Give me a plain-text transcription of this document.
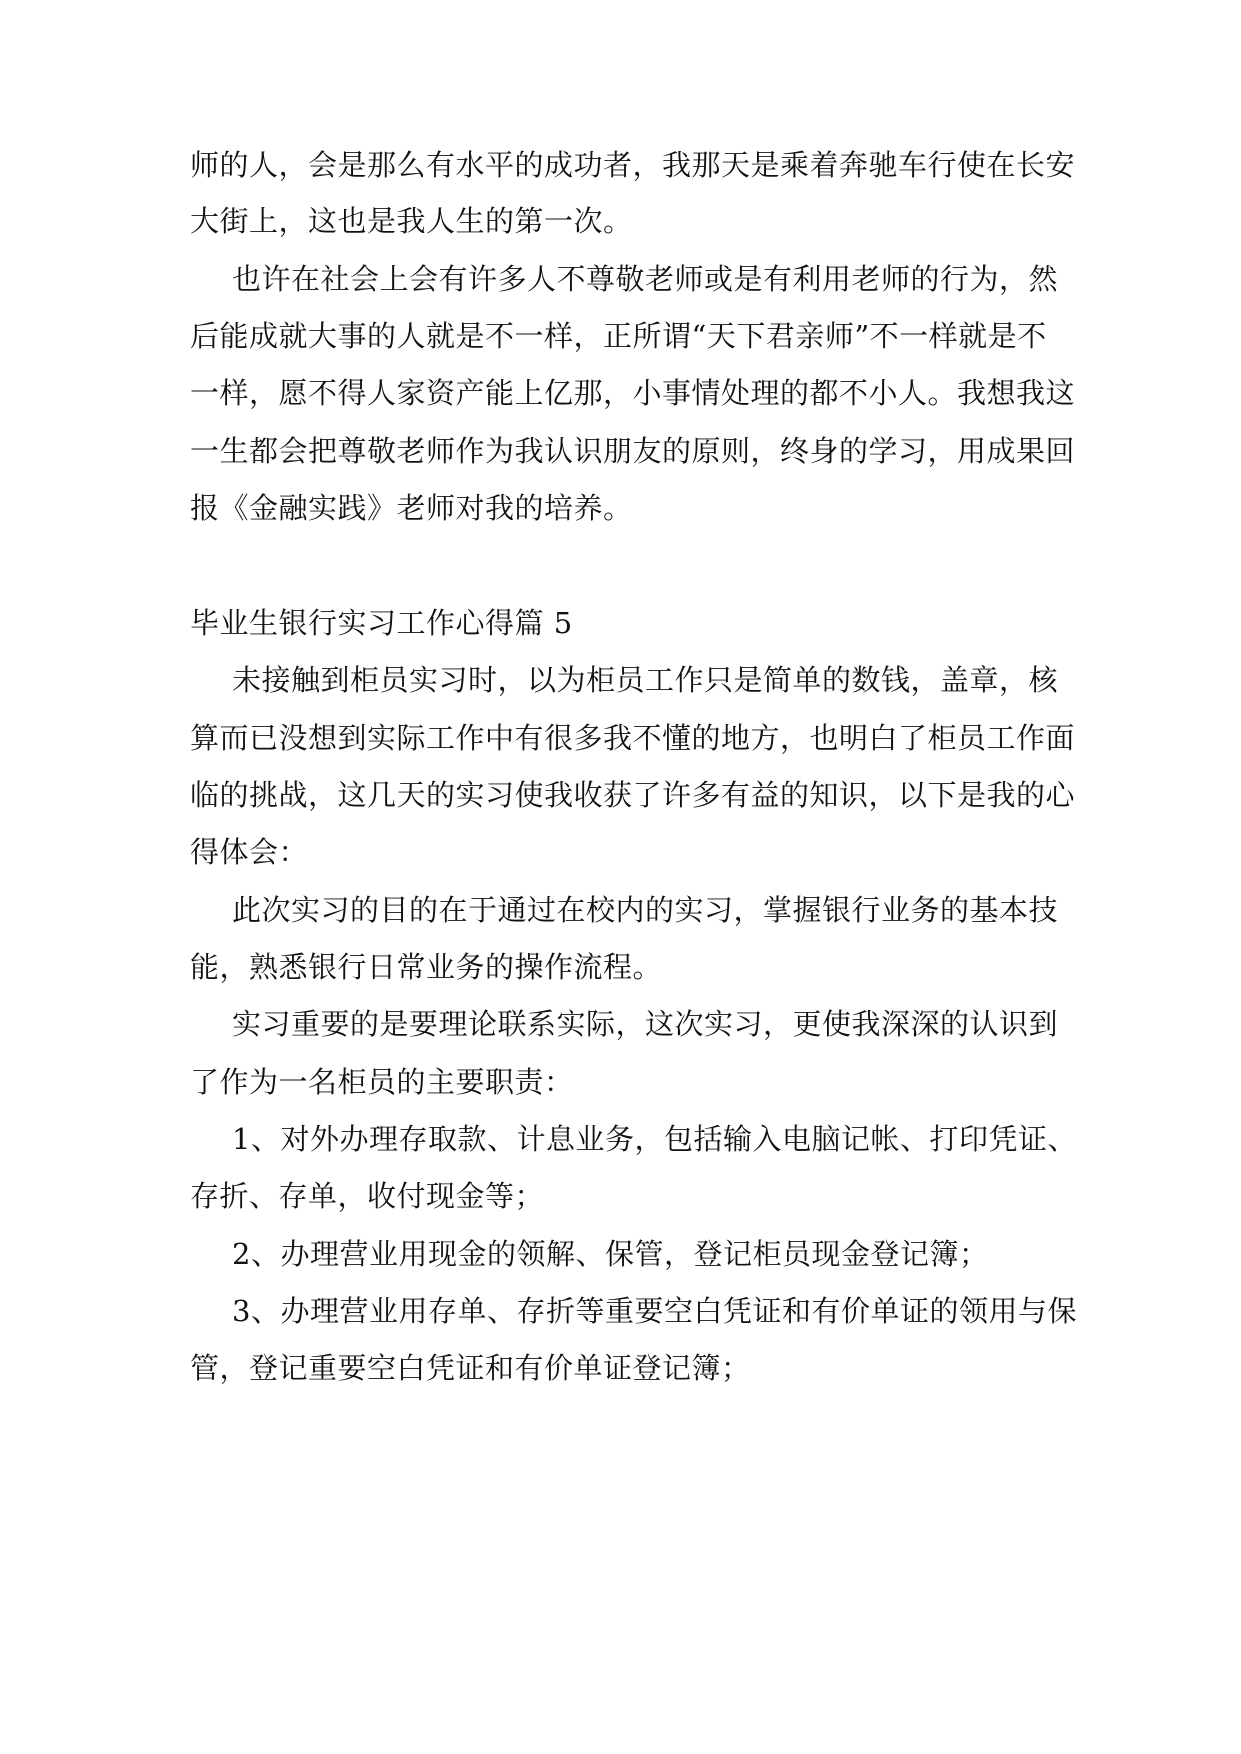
师的人，会是那么有水平的成功者，我那天是乘着奔驰车行使在长安
大街上，这也是我人生的第一次。
也许在社会上会有许多人不尊敬老师或是有利用老师的行为，然
后能成就大事的人就是不一样，正所谓“天下君亲师”不一样就是不
一样，愿不得人家资产能上亿那，小事情处理的都不小人。我想我这
一生都会把尊敬老师作为我认识朋友的原则，终身的学习，用成果回
报《金融实践》老师对我的培养。
毕业生银行实习工作心得篇 5
未接触到柜员实习时，以为柜员工作只是简单的数钱，盖章，核
算而已没想到实际工作中有很多我不懂的地方，也明白了柜员工作面
临的挑战，这几天的实习使我收获了许多有益的知识，以下是我的心
得体会：
此次实习的目的在于通过在校内的实习，掌握银行业务的基本技
能，熟悉银行日常业务的操作流程。
实习重要的是要理论联系实际，这次实习，更使我深深的认识到
了作为一名柜员的主要职责：
1、对外办理存取款、计息业务，包括输入电脑记帐、打印凭证、
存折、存单，收付现金等；
2、办理营业用现金的领解、保管，登记柜员现金登记簿；
3、办理营业用存单、存折等重要空白凭证和有价单证的领用与保
管，登记重要空白凭证和有价单证登记簿；
